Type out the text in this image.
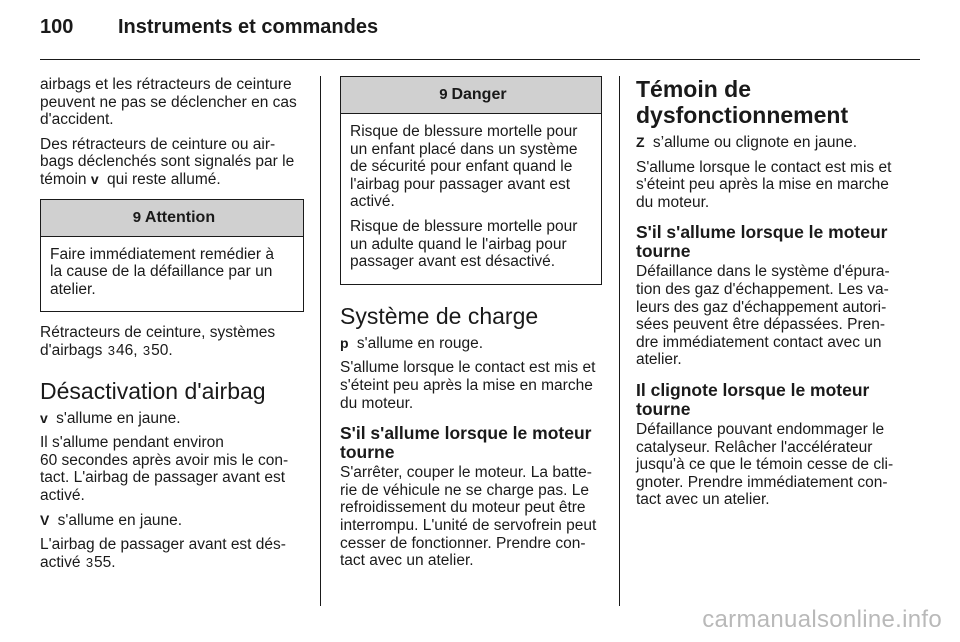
100 Instruments et commandes

airbags et les rétracteurs de ceinture
peuvent ne pas se déclencher en cas
d'accident.

Des rétracteurs de ceinture ou air-
bags déclenchés sont signalés par le
témoin v qui reste allumé.

9 Attention

Faire immédiatement remédier à
la cause de la défaillance par un
atelier.

Rétracteurs de ceinture, systèmes
d'airbags 346, 350.

Désactivation d'airbag

v s'allume en jaune.

Il s'allume pendant environ
60 secondes après avoir mis le con-
tact. L'airbag de passager avant est
activé.

V s'allume en jaune.

L'airbag de passager avant est dés-
activé 355.

9 Danger

Risque de blessure mortelle pour
un enfant placé dans un système
de sécurité pour enfant quand le
l'airbag pour passager avant est
activé.

Risque de blessure mortelle pour
un adulte quand le l'airbag pour
passager avant est désactivé.

Système de charge

p s'allume en rouge.

S'allume lorsque le contact est mis et
s'éteint peu après la mise en marche
du moteur.

S'il s'allume lorsque le moteur
tourne

S'arrêter, couper le moteur. La batte-
rie de véhicule ne se charge pas. Le
refroidissement du moteur peut être
interrompu. L'unité de servofrein peut
cesser de fonctionner. Prendre con-
tact avec un atelier.

Témoin de
dysfonctionnement

Z s’allume ou clignote en jaune.

S'allume lorsque le contact est mis et
s'éteint peu après la mise en marche
du moteur.

S'il s'allume lorsque le moteur
tourne

Défaillance dans le système d'épura-
tion des gaz d'échappement. Les va-
leurs des gaz d'échappement autori-
sées peuvent être dépassées. Pren-
dre immédiatement contact avec un
atelier.

Il clignote lorsque le moteur
tourne

Défaillance pouvant endommager le
catalyseur. Relâcher l'accélérateur
jusqu'à ce que le témoin cesse de cli-
gnoter. Prendre immédiatement con-
tact avec un atelier.

carmanualsonline.info
